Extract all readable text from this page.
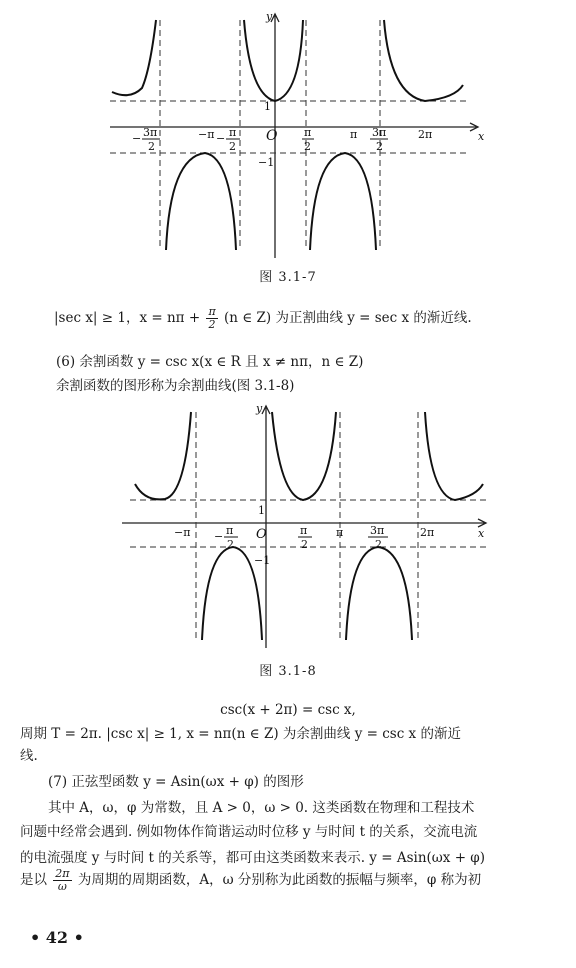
x
y
O
1
−1
−π	π	2π
− 3π
2
− π
2
π
2
3π
2
图 3.1-7
|sec x| ≥ 1，$x = n\pi + \frac{\pi}{2} (n$ ∈ Z) 为正割曲线 y = sec x 的渐近线.
(6) 余割函数 y = csc x(x ∈ R 且 x ≠ nπ，n ∈ Z)
余割函数的图形称为余割曲线(图 3.1-8)
x
y
O
1
−1
−π	π	2π
− π
2
π
2
3π
2
图 3.1-8
csc(x + 2π) = csc x,
周期 T = 2π. |csc x| ≥ 1, x = nπ(n ∈ Z) 为余割曲线 y = csc x 的渐近
线.
(7) 正弦型函数 y = Asin(ωx + φ) 的图形
其中 A，ω，φ 为常数，且 A > 0，ω > 0. 这类函数在物理和工程技术
问题中经常会遇到. 例如物体作简谐运动时位移 y 与时间 t 的关系，交流电流
的电流强度 y 与时间 t 的关系等，都可由这类函数来表示. y = Asin(ωx + φ)
是以 $\frac{2\pi}{\omega}$ 为周期的周期函数，A，ω 分别称为此函数的振幅与频率，φ 称为初
• 42 •
